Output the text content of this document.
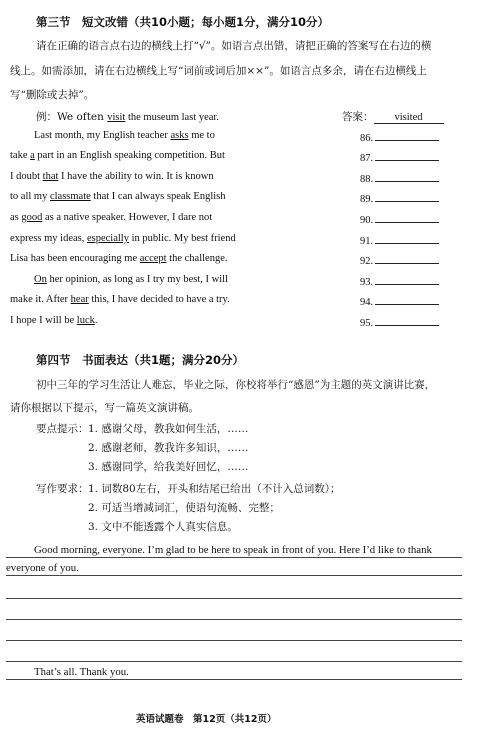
第三节　短文改错（共10小题；每小题1分，满分10分）
请在正确的语言点右边的横线上打“√”。如语言点出错，请把正确的答案写在右边的横
线上。如需添加，请在右边横线上写“词前或词后加××”。如语言点多余，请在右边横线上
写“删除或去掉”。
例：We often visit the museum last year.	答案： visited
Last month, my English teacher asks me to	86.
take a part in an English speaking competition. But	87.
I doubt that I have the ability to win. It is known	88.
to all my classmate that I can always speak English	89.
as good as a native speaker. However, I dare not	90.
express my ideas, especially in public. My best friend	91.
Lisa has been encouraging me accept the challenge.	92.
On her opinion, as long as I try my best, I will	93.
make it. After hear this, I have decided to have a try.	94.
I hope I will be luck.	95.
第四节　书面表达（共1题；满分20分）
初中三年的学习生活让人难忘，毕业之际，你校将举行“感恩”为主题的英文演讲比赛，
请你根据以下提示，写一篇英文演讲稿。
要点提示： 1. 感谢父母，教我如何生活，……
2. 感谢老师，教我许多知识，……
3. 感谢同学，给我美好回忆，……
写作要求： 1. 词数80左右，开头和结尾已给出（不计入总词数）；
2. 可适当增减词汇，使语句流畅、完整；
3. 文中不能透露个人真实信息。
Good morning, everyone. I’m glad to be here to speak in front of you. Here I’d like to thank
everyone of you.
That’s all. Thank you.
英语试题卷　第12页（共12页）
